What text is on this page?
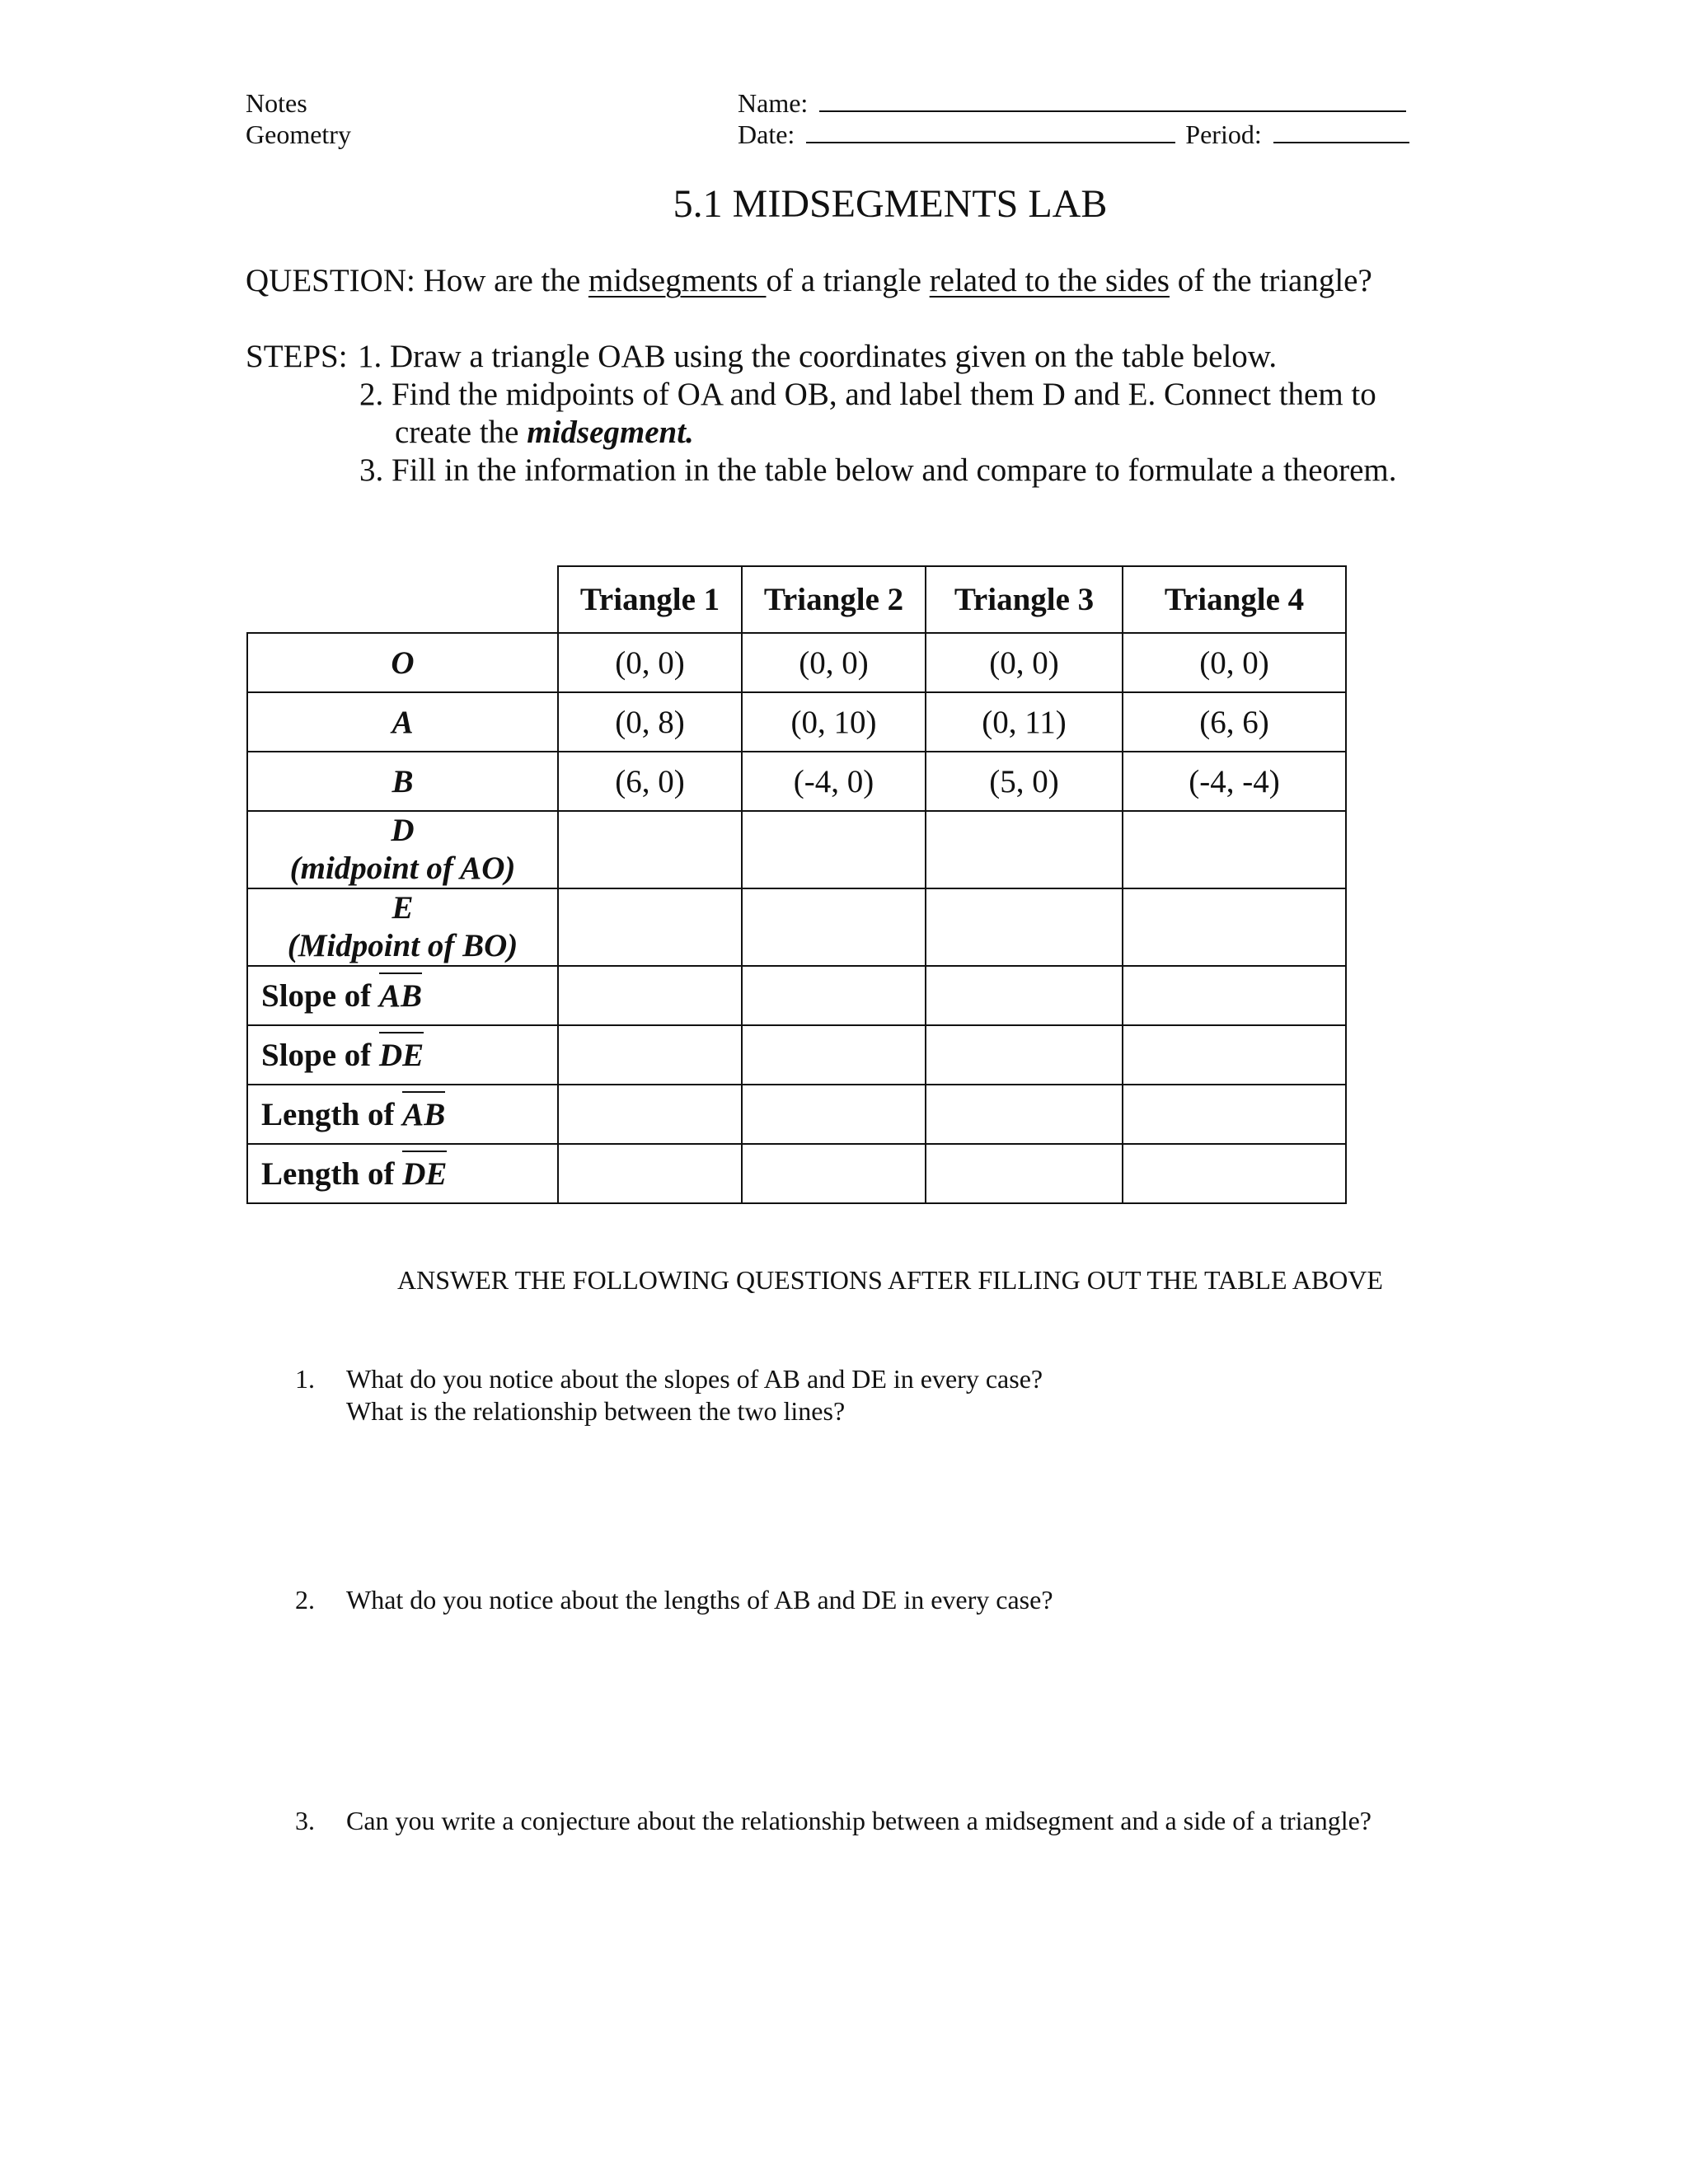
Notes
Geometry
Name:
Date:	Period:
5.1 MIDSEGMENTS LAB
QUESTION: How are the midsegments of a triangle related to the sides of the triangle?
STEPS: 1. Draw a triangle OAB using the coordinates given on the table below.
2. Find the midpoints of OA and OB, and label them D and E. Connect them to
create the midsegment.
3. Fill in the information in the table below and compare to formulate a theorem.
	Triangle 1	Triangle 2	Triangle 3	Triangle 4
O	(0, 0)	(0, 0)	(0, 0)	(0, 0)
A	(0, 8)	(0, 10)	(0, 11)	(6, 6)
B	(6, 0)	(-4, 0)	(5, 0)	(-4, -4)

D
(midpoint of AO)				

E
(Midpoint of BO)				

Slope of AB				
Slope of DE				
Length of AB				
Length of DE				
ANSWER THE FOLLOWING QUESTIONS AFTER FILLING OUT THE TABLE ABOVE
1. What do you notice about the slopes of AB and DE in every case?
What is the relationship between the two lines?
2. What do you notice about the lengths of AB and DE in every case?
3. Can you write a conjecture about the relationship between a midsegment and a side of a triangle?
